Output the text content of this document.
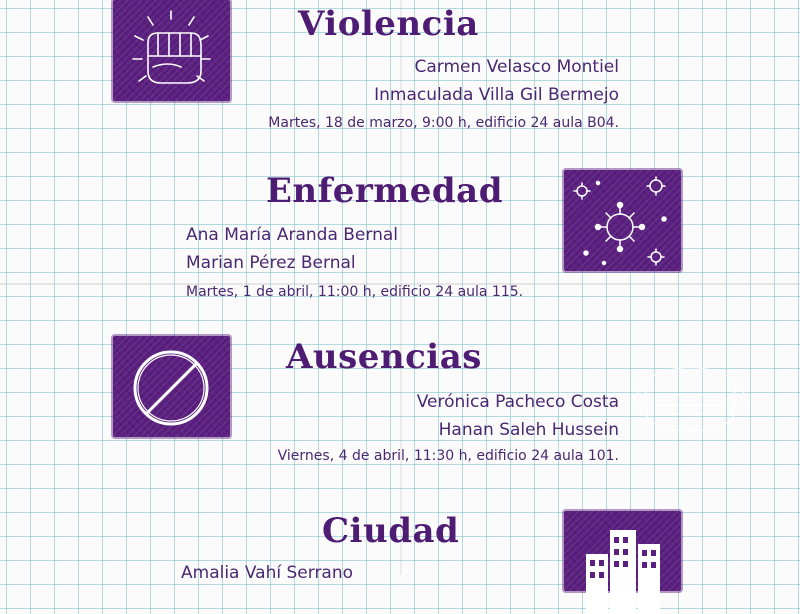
Violencia
Carmen Velasco Montiel
Inmaculada Villa Gil Bermejo
Martes, 18 de marzo, 9:00 h, edificio 24 aula B04.
Enfermedad
Ana María Aranda Bernal
Marian Pérez Bernal
Martes, 1 de abril, 11:00 h, edificio 24 aula 115.
Ausencias
Verónica Pacheco Costa
Hanan Saleh Hussein
Viernes, 4 de abril, 11:30 h, edificio 24 aula 101.
Ciudad
Amalia Vahí Serrano
